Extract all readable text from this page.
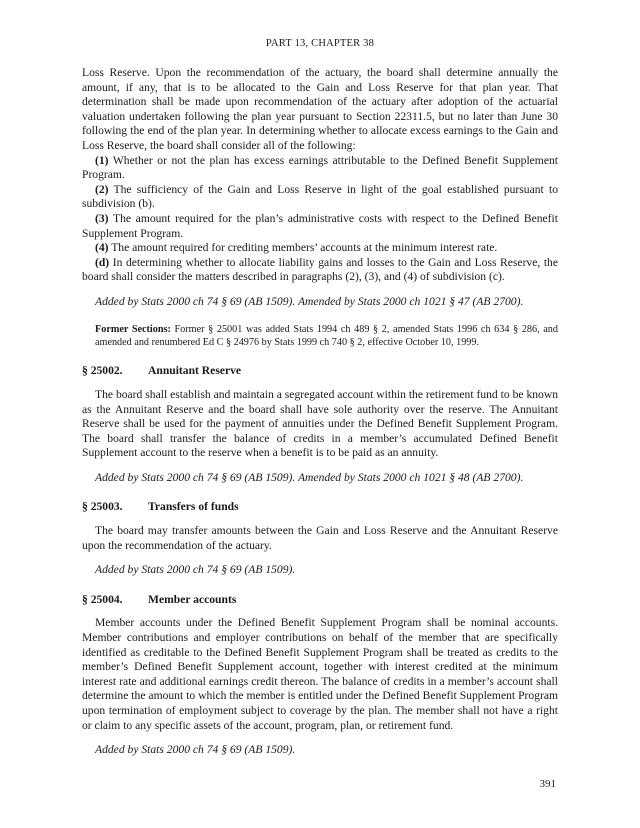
PART 13, CHAPTER 38

Loss Reserve. Upon the recommendation of the actuary, the board shall determine annually the amount, if any, that is to be allocated to the Gain and Loss Reserve for that plan year. That determination shall be made upon recommendation of the actuary after adoption of the actuarial valuation undertaken following the plan year pursuant to Section 22311.5, but no later than June 30 following the end of the plan year. In determining whether to allocate excess earnings to the Gain and Loss Reserve, the board shall consider all of the following:

(1) Whether or not the plan has excess earnings attributable to the Defined Benefit Supplement Program.

(2) The sufficiency of the Gain and Loss Reserve in light of the goal established pursuant to subdivision (b).

(3) The amount required for the plan’s administrative costs with respect to the Defined Benefit Supplement Program.

(4) The amount required for crediting members’ accounts at the minimum interest rate.

(d) In determining whether to allocate liability gains and losses to the Gain and Loss Reserve, the board shall consider the matters described in paragraphs (2), (3), and (4) of subdivision (c).

Added by Stats 2000 ch 74 § 69 (AB 1509). Amended by Stats 2000 ch 1021 § 47 (AB 2700).

Former Sections: Former § 25001 was added Stats 1994 ch 489 § 2, amended Stats 1996 ch 634 § 286, and amended and renumbered Ed C § 24976 by Stats 1999 ch 740 § 2, effective October 10, 1999.

§ 25002.	Annuitant Reserve

The board shall establish and maintain a segregated account within the retirement fund to be known as the Annuitant Reserve and the board shall have sole authority over the reserve. The Annuitant Reserve shall be used for the payment of annuities under the Defined Benefit Supplement Program. The board shall transfer the balance of credits in a member’s accumulated Defined Benefit Supplement account to the reserve when a benefit is to be paid as an annuity.

Added by Stats 2000 ch 74 § 69 (AB 1509). Amended by Stats 2000 ch 1021 § 48 (AB 2700).

§ 25003.	Transfers of funds

The board may transfer amounts between the Gain and Loss Reserve and the Annuitant Reserve upon the recommendation of the actuary.

Added by Stats 2000 ch 74 § 69 (AB 1509).

§ 25004.	Member accounts

Member accounts under the Defined Benefit Supplement Program shall be nominal accounts. Member contributions and employer contributions on behalf of the member that are specifically identified as creditable to the Defined Benefit Supplement Program shall be treated as credits to the member’s Defined Benefit Supplement account, together with interest credited at the minimum interest rate and additional earnings credit thereon. The balance of credits in a member’s account shall determine the amount to which the member is entitled under the Defined Benefit Supplement Program upon termination of employment subject to coverage by the plan. The member shall not have a right or claim to any specific assets of the account, program, plan, or retirement fund.

Added by Stats 2000 ch 74 § 69 (AB 1509).

391
